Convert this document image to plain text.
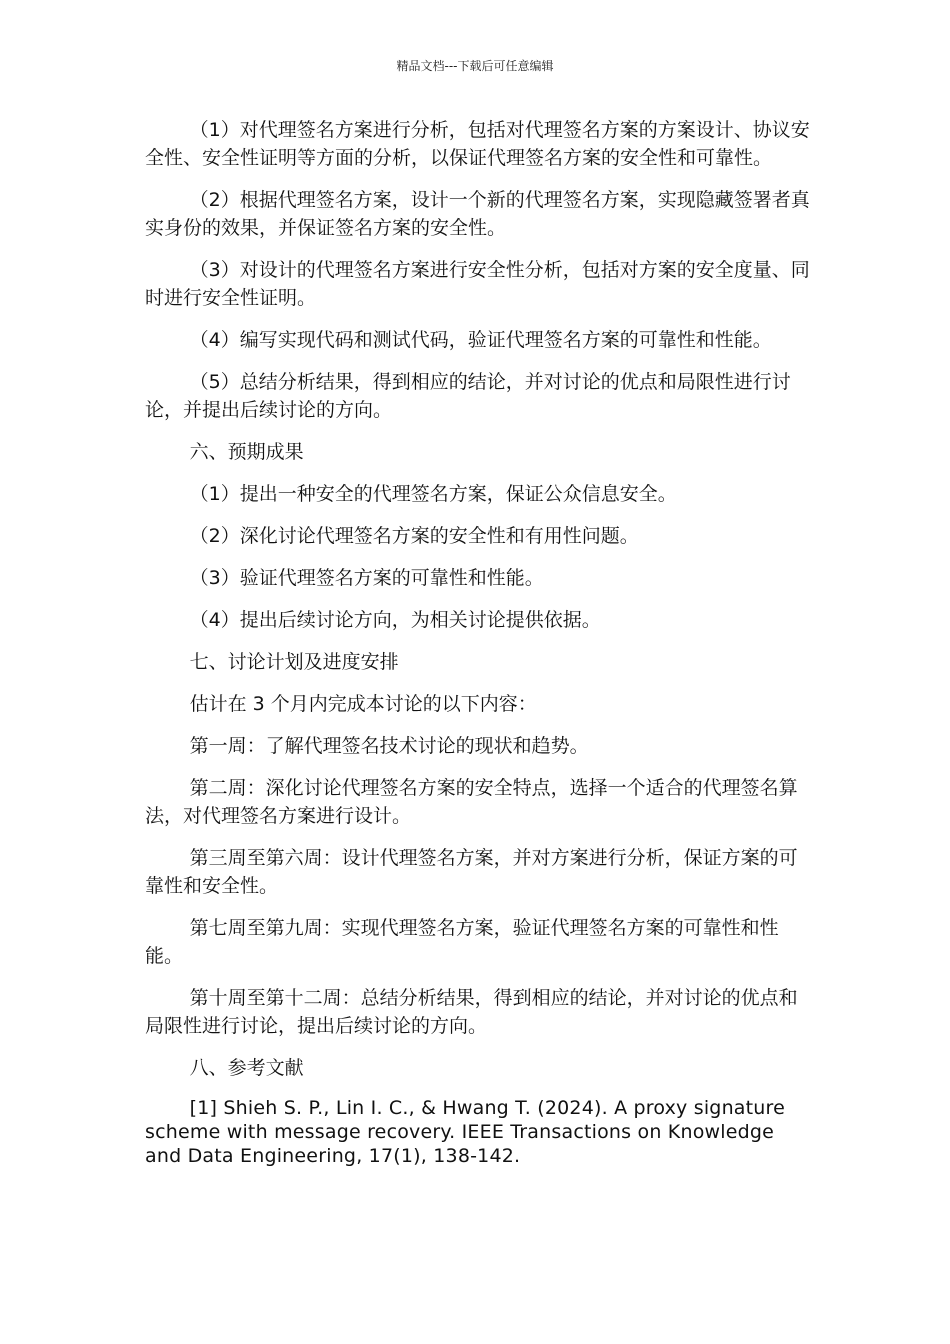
精品文档---下载后可任意编辑

（1）对代理签名方案进行分析，包括对代理签名方案的方案设计、协议安全性、安全性证明等方面的分析，以保证代理签名方案的安全性和可靠性。

（2）根据代理签名方案，设计一个新的代理签名方案，实现隐藏签署者真实身份的效果，并保证签名方案的安全性。

（3）对设计的代理签名方案进行安全性分析，包括对方案的安全度量、同时进行安全性证明。

（4）编写实现代码和测试代码，验证代理签名方案的可靠性和性能。

（5）总结分析结果，得到相应的结论，并对讨论的优点和局限性进行讨论，并提出后续讨论的方向。

六、预期成果

（1）提出一种安全的代理签名方案，保证公众信息安全。

（2）深化讨论代理签名方案的安全性和有用性问题。

（3）验证代理签名方案的可靠性和性能。

（4）提出后续讨论方向，为相关讨论提供依据。

七、讨论计划及进度安排

估计在 3 个月内完成本讨论的以下内容：

第一周：了解代理签名技术讨论的现状和趋势。

第二周：深化讨论代理签名方案的安全特点，选择一个适合的代理签名算法，对代理签名方案进行设计。

第三周至第六周：设计代理签名方案，并对方案进行分析，保证方案的可靠性和安全性。

第七周至第九周：实现代理签名方案，验证代理签名方案的可靠性和性能。

第十周至第十二周：总结分析结果，得到相应的结论，并对讨论的优点和局限性进行讨论，提出后续讨论的方向。

八、参考文献

[1] Shieh S. P., Lin I. C., & Hwang T. (2024). A proxy signature scheme with message recovery. IEEE Transactions on Knowledge and Data Engineering, 17(1), 138-142.
